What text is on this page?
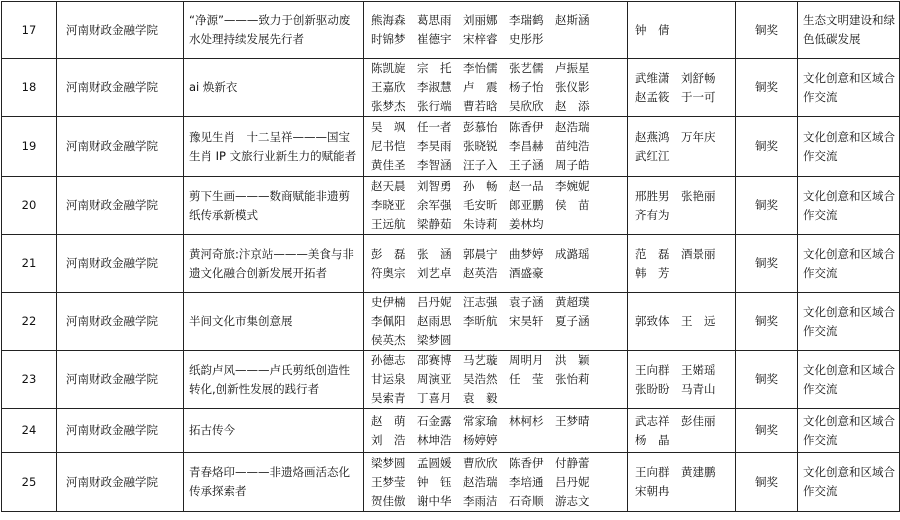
17	河南财政金融学院	“净源”———致力于创新驱动废水处理持续发展先行者	熊海森　葛思雨　刘丽娜　李瑞鹤　赵斯涵
时锦梦　崔德宇　宋梓睿　史彤彤	钟　倩	铜奖	生态文明建设和绿色低碳发展

18	河南财政金融学院	ai 焕新衣	陈凯旋　宗　托　李怡儒　张艺儒　卢振星
王嘉欣　李淑慧　卢　震　杨子怡　张仪影
张梦杰　张行端　曹若晗　吴欣欣　赵　添	武维潇　刘舒畅
赵孟筱　于一可	铜奖	文化创意和区域合作交流

19	河南财政金融学院	豫见生肖　十二呈祥———国宝生肖 IP 文旅行业新生力的赋能者	吴　飒　任一者　彭慕怡　陈香伊　赵浩瑞
尼书恺　李昊雨　张晓锐　李昌赫　苗纯浩
黄佳圣　李智涵　汪子入　王子涵　周子皓	赵燕鸿　万年庆
武红江	铜奖	文化创意和区域合作交流

20	河南财政金融学院	剪下生画———数商赋能非遗剪纸传承新模式	赵天晨　刘智勇　孙　畅　赵一品　李婉妮
李晓亚　余军强　毛安昕　郎亚鹏　侯　苗
王远航　梁静茹　朱诗莉　姜林均	邢胜男　张艳丽
齐有为	铜奖	文化创意和区域合作交流

21	河南财政金融学院	黄河奇旅:汴京站———美食与非遗文化融合创新发展开拓者	彭　磊　张　涵　郭晨宁　曲梦婷　成潞瑶
符奥宗　刘艺卓　赵英浩　酒盛豪	范　磊　酒景丽
韩　芳	铜奖	文化创意和区域合作交流

22	河南财政金融学院	半间文化市集创意展	史伊楠　吕丹妮　汪志强　袁子涵　黄超璞
李佩阳　赵雨思　李昕航　宋昊轩　夏子涵
侯英杰　梁梦圆	郭致体　王　远	铜奖	文化创意和区域合作交流

23	河南财政金融学院	纸韵卢风———卢氏剪纸创造性转化,创新性发展的践行者	孙德志　邵赛博　马艺璇　周明月　洪　颖
甘运泉　周演亚　吴浩然　任　莹　张怡莉
吴索青　丁喜月　袁　毅	王向群　王婼瑶
张盼盼　马青山	铜奖	文化创意和区域合作交流

24	河南财政金融学院	拓古传今	赵　萌　石金露　常家瑜　林柯杉　王梦晴
刘　浩　林坤浩　杨婷婷	武志祥　彭佳丽
杨　晶	铜奖	文化创意和区域合作交流

25	河南财政金融学院	青春烙印———非遗烙画活态化传承探索者	梁梦圆　孟圆媛　曹欣欣　陈香伊　付静蕾
王梦莹　钟　钰　赵浩瑞　李培通　吕丹妮
贺佳傲　谢中华　李雨洁　石奇顺　游志文	王向群　黄建鹏
宋朝冉	铜奖	文化创意和区域合作交流
